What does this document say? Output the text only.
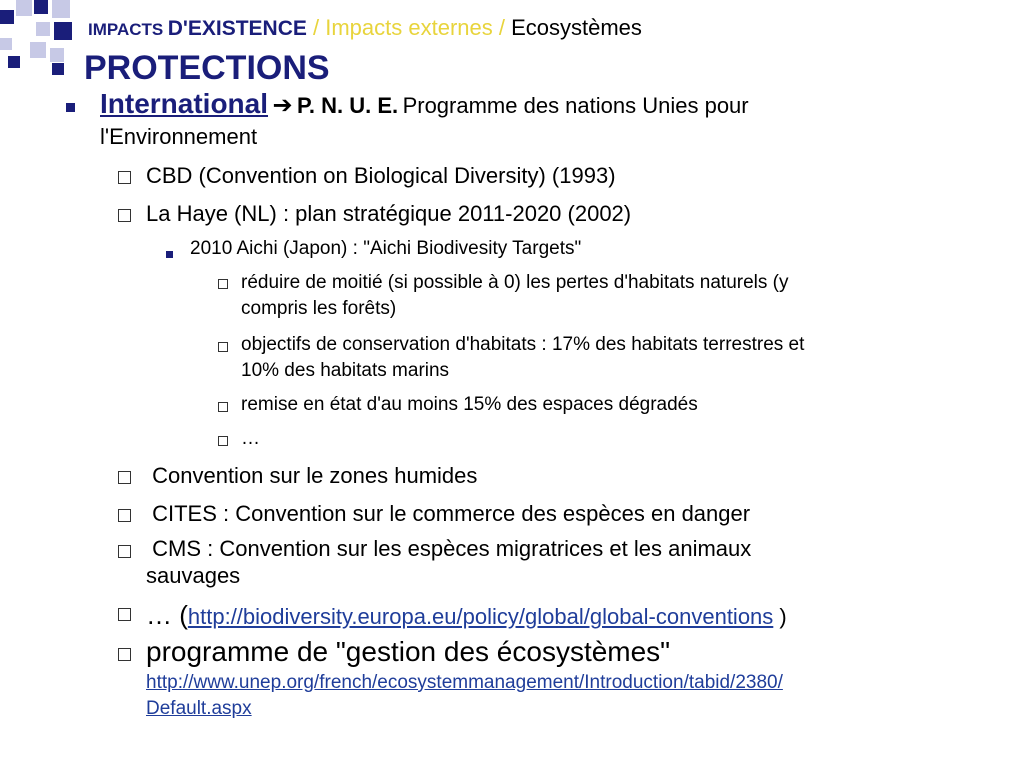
IMPACTS D'EXISTENCE / Impacts externes / Ecosystèmes
PROTECTIONS
International ➔ P. N. U. E. Programme des nations Unies pour
l'Environnement
CBD (Convention on Biological Diversity) (1993)
La Haye (NL) : plan stratégique 2011-2020 (2002)
2010 Aichi (Japon) : "Aichi Biodivesity Targets"
réduire de moitié (si possible à 0) les pertes d'habitats naturels (y
compris les forêts)
objectifs de conservation d'habitats : 17% des habitats terrestres et
10% des habitats marins
remise en état d'au moins 15% des espaces dégradés
…
Convention sur le zones humides
CITES : Convention sur le commerce des espèces en danger
CMS : Convention sur les espèces migratrices et les animaux
sauvages
… (http://biodiversity.europa.eu/policy/global/global-conventions )
programme de "gestion des écosystèmes"
http://www.unep.org/french/ecosystemmanagement/Introduction/tabid/2380/
Default.aspx
